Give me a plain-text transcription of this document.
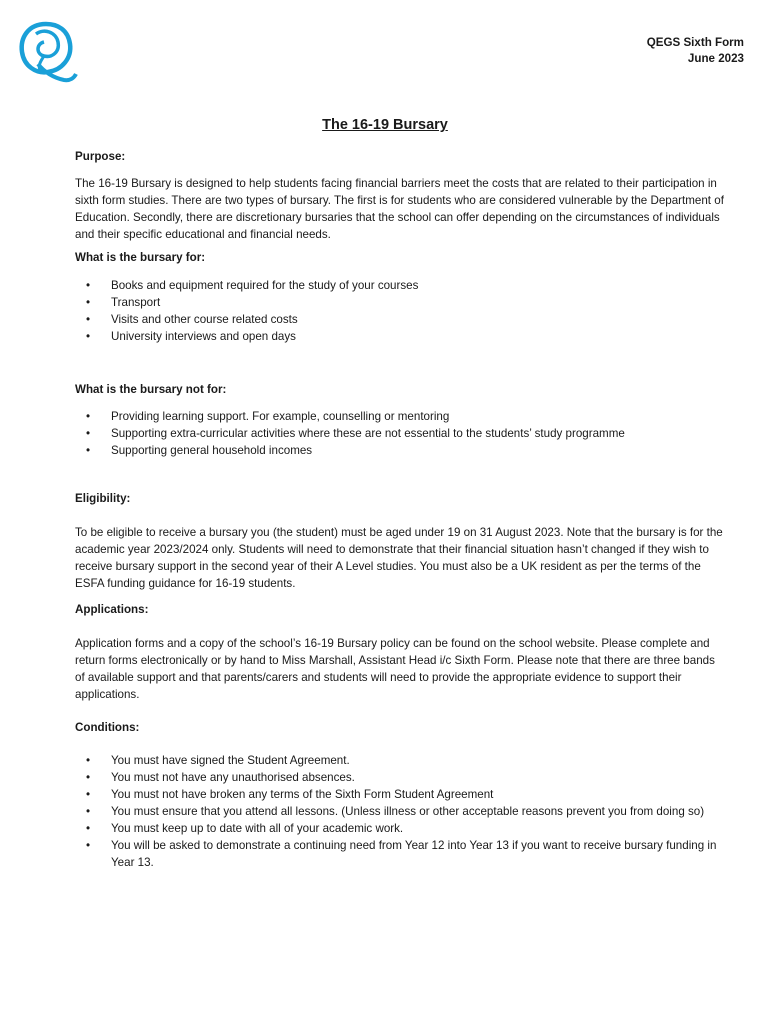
QEGS Sixth Form
June 2023
The 16-19 Bursary

Purpose:

The 16-19 Bursary is designed to help students facing financial barriers meet the costs that are related to their participation in sixth form studies. There are two types of bursary. The first is for students who are considered vulnerable by the Department of Education. Secondly, there are discretionary bursaries that the school can offer depending on the circumstances of individuals and their specific educational and financial needs.

What is the bursary for:

• Books and equipment required for the study of your courses
• Transport
• Visits and other course related costs
• University interviews and open days

What is the bursary not for:

• Providing learning support. For example, counselling or mentoring
• Supporting extra-curricular activities where these are not essential to the students’ study programme
• Supporting general household incomes

Eligibility:

To be eligible to receive a bursary you (the student) must be aged under 19 on 31 August 2023. Note that the bursary is for the academic year 2023/2024 only. Students will need to demonstrate that their financial situation hasn’t changed if they wish to receive bursary support in the second year of their A Level studies. You must also be a UK resident as per the terms of the ESFA funding guidance for 16-19 students.

Applications:

Application forms and a copy of the school’s 16-19 Bursary policy can be found on the school website. Please complete and return forms electronically or by hand to Miss Marshall, Assistant Head i/c Sixth Form. Please note that there are three bands of available support and that parents/carers and students will need to provide the appropriate evidence to support their applications.

Conditions:

• You must have signed the Student Agreement.
• You must not have any unauthorised absences.
• You must not have broken any terms of the Sixth Form Student Agreement
• You must ensure that you attend all lessons. (Unless illness or other acceptable reasons prevent you from doing so)
• You must keep up to date with all of your academic work.
• You will be asked to demonstrate a continuing need from Year 12 into Year 13 if you want to receive bursary funding in Year 13.
